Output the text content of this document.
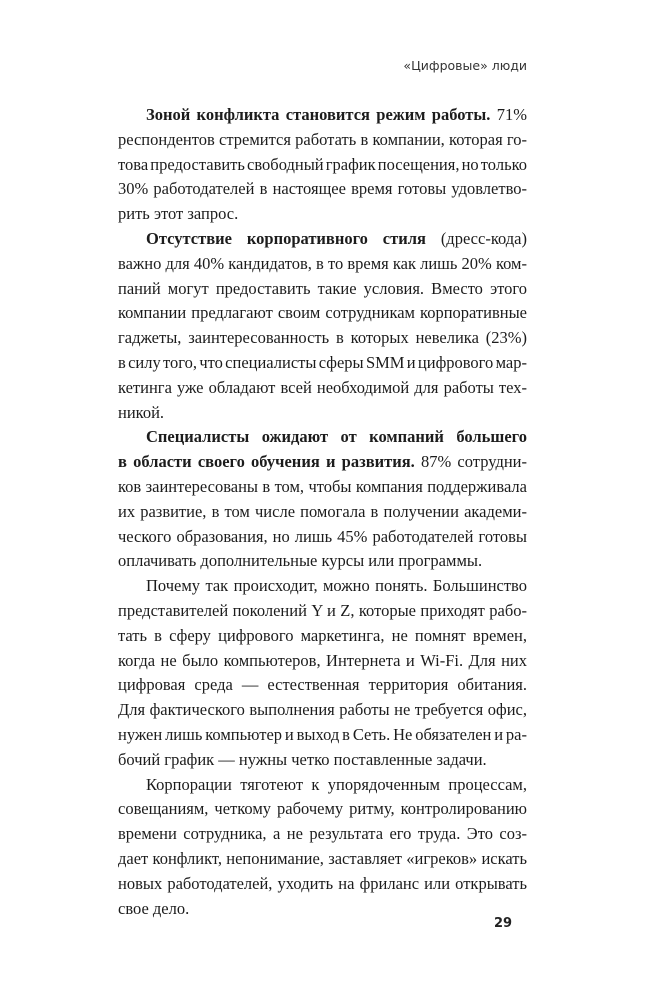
«Цифровые» люди
Зоной конфликта становится режим работы. 71%
респондентов стремится работать в компании, которая го-
това предоставить свободный график посещения, но только
30% работодателей в настоящее время готовы удовлетво-
рить этот запрос.
Отсутствие корпоративного стиля (дресс-кода)
важно для 40% кандидатов, в то время как лишь 20% ком-
паний могут предоставить такие условия. Вместо этого
компании предлагают своим сотрудникам корпоративные
гаджеты, заинтересованность в которых невелика (23%)
в силу того, что специалисты сферы SMM и цифрового мар-
кетинга уже обладают всей необходимой для работы тех-
никой.
Специалисты ожидают от компаний большего
в области своего обучения и развития. 87% сотрудни-
ков заинтересованы в том, чтобы компания поддерживала
их развитие, в том числе помогала в получении академи-
ческого образования, но лишь 45% работодателей готовы
оплачивать дополнительные курсы или программы.
Почему так происходит, можно понять. Большинство
представителей поколений Y и Z, которые приходят рабо-
тать в сферу цифрового маркетинга, не помнят времен,
когда не было компьютеров, Интернета и Wi-Fi. Для них
цифровая среда — естественная территория обитания.
Для фактического выполнения работы не требуется офис,
нужен лишь компьютер и выход в Сеть. Не обязателен и ра-
бочий график — нужны четко поставленные задачи.
Корпорации тяготеют к упорядоченным процессам,
совещаниям, четкому рабочему ритму, контролированию
времени сотрудника, а не результата его труда. Это соз-
дает конфликт, непонимание, заставляет «игреков» искать
новых работодателей, уходить на фриланс или открывать
свое дело.
29
